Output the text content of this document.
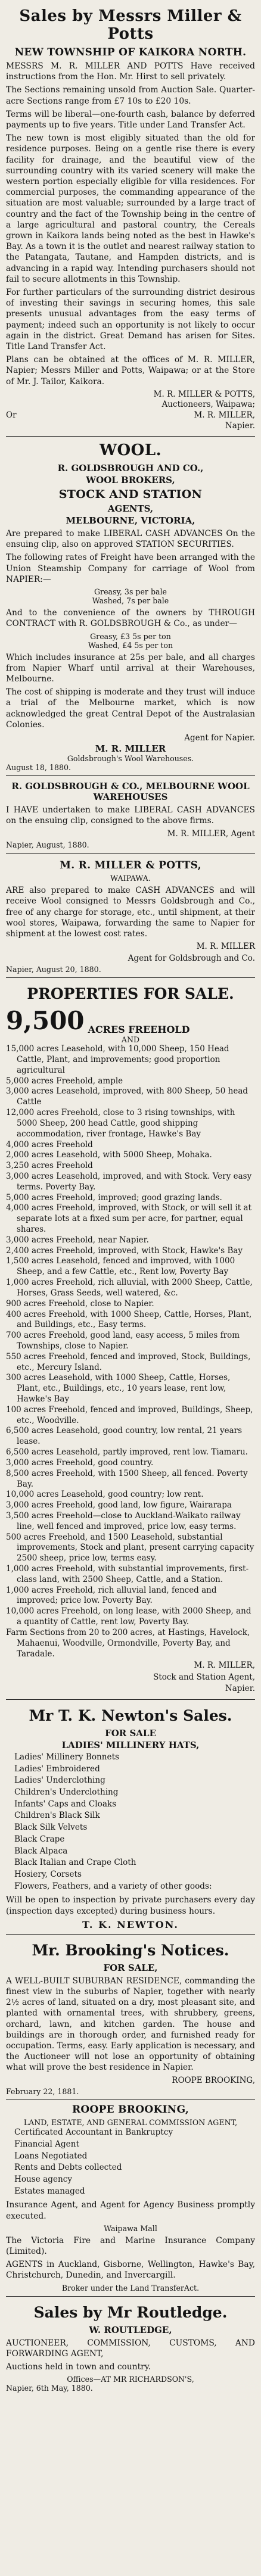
Sales by Messrs Miller & Potts
NEW TOWNSHIP OF KAIKORA NORTH.
MESSRS M. R. MILLER AND POTTS Have received instructions from the Hon. Mr. Hirst to sell privately.
The Sections remaining unsold from Auction Sale. Quarter-acre Sections range from £7 10s to £20 10s.
Terms will be liberal—one-fourth cash, balance by deferred payments up to five years. Title under Land Transfer Act.
The new town is most eligibly situated than the old for residence purposes. Being on a gentle rise there is every facility for drainage, and the beautiful view of the surrounding country with its varied scenery will make the western portion especially eligible for villa residences. For commercial purposes, the commanding appearance of the situation are most valuable; surrounded by a large tract of country and the fact of the Township being in the centre of a large agricultural and pastoral country, the Cereals grown in Kaikora lands being noted as the best in Hawke's Bay. As a town it is the outlet and nearest railway station to the Patangata, Tautane, and Hampden districts, and is advancing in a rapid way. Intending purchasers should not fail to secure allotments in this Township.
For further particulars of the surrounding district desirous of investing their savings in securing homes, this sale presents unusual advantages from the easy terms of payment; indeed such an opportunity is not likely to occur again in the district. Great Demand has arisen for Sites. Title Land Transfer Act.
Plans can be obtained at the offices of M. R. MILLER, Napier; Messrs Miller and Potts, Waipawa; or at the Store of Mr. J. Tailor, Kaikora.
M. R. MILLER & POTTS,
Auctioneers, Waipawa;
Or	M. R. MILLER,
Napier.
WOOL.
R. GOLDSBROUGH AND CO.,
WOOL BROKERS,
STOCK AND STATION
AGENTS,
MELBOURNE, VICTORIA,
Are prepared to make LIBERAL CASH ADVANCES On the ensuing clip, also on approved STATION SECURITIES.
The following rates of Freight have been arranged with the Union Steamship Company for carriage of Wool from NAPIER:—
Greasy, 3s per bale
Washed, 7s per bale
And to the convenience of the owners by THROUGH CONTRACT with R. GOLDSBROUGH & Co., as under—
Greasy, £3 5s per ton
Washed, £4 5s per ton
Which includes insurance at 25s per bale, and all charges from Napier Wharf until arrival at their Warehouses, Melbourne.
The cost of shipping is moderate and they trust will induce a trial of the Melbourne market, which is now acknowledged the great Central Depot of the Australasian Colonies.
Agent for Napier.
M. R. MILLER
Goldsbrough's Wool Warehouses.
August 18, 1880.
R. GOLDSBROUGH & CO., MELBOURNE WOOL WAREHOUSES
I HAVE undertaken to make LIBERAL CASH ADVANCES on the ensuing clip, consigned to the above firms.
M. R. MILLER, Agent
Napier, August, 1880.
M. R. MILLER & POTTS,
WAIPAWA.
ARE also prepared to make CASH ADVANCES and will receive Wool consigned to Messrs Goldsbrough and Co., free of any charge for storage, etc., until shipment, at their wool stores, Waipawa, forwarding the same to Napier for shipment at the lowest cost rates.
M. R. MILLER
Agent for Goldsbrough and Co.
Napier, August 20, 1880.
PROPERTIES FOR SALE.
9,500 ACRES FREEHOLD
AND
15,000 acres Leasehold, with 10,000 Sheep, 150 Head Cattle, Plant, and improvements; good proportion agricultural
5,000 acres Freehold, ample
3,000 acres Leasehold, improved, with 800 Sheep, 50 head Cattle
12,000 acres Freehold, close to 3 rising townships, with 5000 Sheep, 200 head Cattle, good shipping accommodation, river frontage, Hawke's Bay
4,000 acres Freehold
2,000 acres Leasehold, with 5000 Sheep, Mohaka.
3,250 acres Freehold
3,000 acres Leasehold, improved, and with Stock. Very easy terms. Poverty Bay.
5,000 acres Freehold, improved; good grazing lands.
4,000 acres Freehold, improved, with Stock, or will sell it at separate lots at a fixed sum per acre, for partner, equal shares.
3,000 acres Freehold, near Napier.
2,400 acres Freehold, improved, with Stock, Hawke's Bay
1,500 acres Leasehold, fenced and improved, with 1000 Sheep, and a few Cattle, etc., Rent low, Poverty Bay
1,000 acres Freehold, rich alluvial, with 2000 Sheep, Cattle, Horses, Grass Seeds, well watered, &c.
900 acres Freehold, close to Napier.
400 acres Freehold, with 1000 Sheep, Cattle, Horses, Plant, and Buildings, etc., Easy terms.
700 acres Freehold, good land, easy access, 5 miles from Townships, close to Napier.
550 acres Freehold, fenced and improved, Stock, Buildings, etc., Mercury Island.
300 acres Leasehold, with 1000 Sheep, Cattle, Horses, Plant, etc., Buildings, etc., 10 years lease, rent low, Hawke's Bay
100 acres Freehold, fenced and improved, Buildings, Sheep, etc., Woodville.
6,500 acres Leasehold, good country, low rental, 21 years lease.
6,500 acres Leasehold, partly improved, rent low. Tiamaru.
3,000 acres Freehold, good country.
8,500 acres Freehold, with 1500 Sheep, all fenced. Poverty Bay.
10,000 acres Leasehold, good country; low rent.
3,000 acres Freehold, good land, low figure, Wairarapa
3,500 acres Freehold—close to Auckland-Waikato railway line, well fenced and improved, price low, easy terms.
500 acres Freehold, and 1500 Leasehold, substantial improvements, Stock and plant, present carrying capacity 2500 sheep, price low, terms easy.
1,000 acres Freehold, with substantial improvements, first-class land, with 2500 Sheep, Cattle, and a Station.
1,000 acres Freehold, rich alluvial land, fenced and improved; price low. Poverty Bay.
10,000 acres Freehold, on long lease, with 2000 Sheep, and a quantity of Cattle, rent low, Poverty Bay.
Farm Sections from 20 to 200 acres, at Hastings, Havelock, Mahaenui, Woodville, Ormondville, Poverty Bay, and Taradale.
M. R. MILLER,
Stock and Station Agent,
Napier.
Mr T. K. Newton's Sales.
FOR SALE
LADIES' MILLINERY HATS,
Ladies' Millinery Bonnets
Ladies' Embroidered
Ladies' Underclothing
Children's Underclothing
Infants' Caps and Cloaks
Children's Black Silk
Black Silk Velvets
Black Crape
Black Alpaca
Black Italian and Crape Cloth
Hosiery, Corsets
Flowers, Feathers, and a variety of other goods:
Will be open to inspection by private purchasers every day (inspection days excepted) during business hours.
T. K. NEWTON.
Mr. Brooking's Notices.
FOR SALE,
A WELL-BUILT SUBURBAN RESIDENCE, commanding the finest view in the suburbs of Napier, together with nearly 2½ acres of land, situated on a dry, most pleasant site, and planted with ornamental trees, with shrubbery, greens, orchard, lawn, and kitchen garden. The house and buildings are in thorough order, and furnished ready for occupation. Terms, easy. Early application is necessary, and the Auctioneer will not lose an opportunity of obtaining what will prove the best residence in Napier.
ROOPE BROOKING,
February 22, 1881.
ROOPE BROOKING,
LAND, ESTATE, AND GENERAL COMMISSION AGENT,
Certificated Accountant in Bankruptcy
Financial Agent
Loans Negotiated
Rents and Debts collected
House agency
Estates managed
Insurance Agent, and Agent for Agency Business promptly executed.
Waipawa Mall
The Victoria Fire and Marine Insurance Company (Limited).
AGENTS in Auckland, Gisborne, Wellington, Hawke's Bay, Christchurch, Dunedin, and Invercargill.
Broker under the Land TransferAct.
Sales by Mr Routledge.
W. ROUTLEDGE,
AUCTIONEER, COMMISSION, CUSTOMS, AND FORWARDING AGENT,
Auctions held in town and country.
Offices—AT MR RICHARDSON'S,
Napier, 6th May, 1880.
